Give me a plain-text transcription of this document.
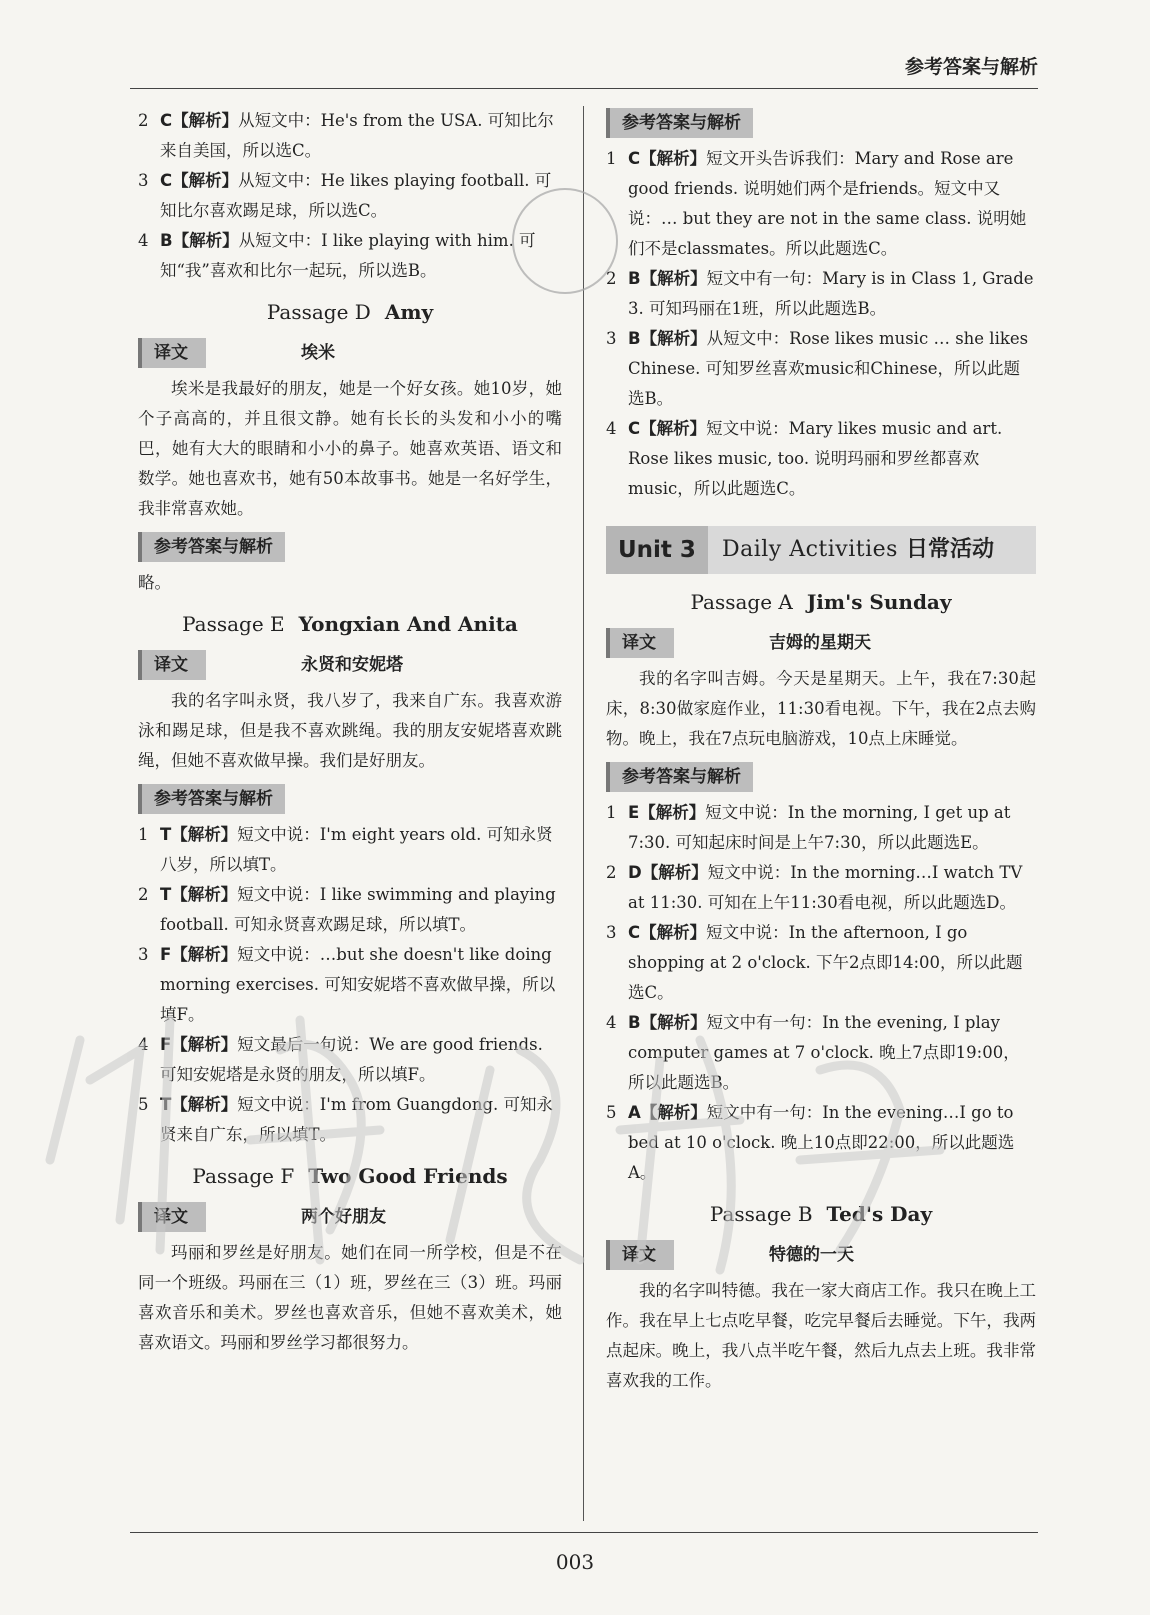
参考答案与解析

2 C【解析】从短文中：He's from the USA. 可知比尔来自美国，所以选C。

3 C【解析】从短文中：He likes playing football. 可知比尔喜欢踢足球，所以选C。

4 B【解析】从短文中：I like playing with him. 可知“我”喜欢和比尔一起玩，所以选B。

Passage D Amy
译文	埃米

埃米是我最好的朋友，她是一个好女孩。她10岁，她个子高高的，并且很文静。她有长长的头发和小小的嘴巴，她有大大的眼睛和小小的鼻子。她喜欢英语、语文和数学。她也喜欢书，她有50本故事书。她是一名好学生，我非常喜欢她。

参考答案与解析

略。

Passage E Yongxian And Anita
译文	永贤和安妮塔

我的名字叫永贤，我八岁了，我来自广东。我喜欢游泳和踢足球，但是我不喜欢跳绳。我的朋友安妮塔喜欢跳绳，但她不喜欢做早操。我们是好朋友。

参考答案与解析

1 T【解析】短文中说：I'm eight years old. 可知永贤八岁，所以填T。

2 T【解析】短文中说：I like swimming and playing football. 可知永贤喜欢踢足球，所以填T。

3 F【解析】短文中说：…but she doesn't like doing morning exercises. 可知安妮塔不喜欢做早操，所以填F。

4 F【解析】短文最后一句说：We are good friends. 可知安妮塔是永贤的朋友，所以填F。

5 T【解析】短文中说：I'm from Guangdong. 可知永贤来自广东，所以填T。

Passage F Two Good Friends
译文	两个好朋友

玛丽和罗丝是好朋友。她们在同一所学校，但是不在同一个班级。玛丽在三（1）班，罗丝在三（3）班。玛丽喜欢音乐和美术。罗丝也喜欢音乐，但她不喜欢美术，她喜欢语文。玛丽和罗丝学习都很努力。

参考答案与解析

1 C【解析】短文开头告诉我们：Mary and Rose are good friends. 说明她们两个是friends。短文中又说：… but they are not in the same class. 说明她们不是classmates。所以此题选C。

2 B【解析】短文中有一句：Mary is in Class 1, Grade 3. 可知玛丽在1班，所以此题选B。

3 B【解析】从短文中：Rose likes music … she likes Chinese. 可知罗丝喜欢music和Chinese，所以此题选B。

4 C【解析】短文中说：Mary likes music and art. Rose likes music, too. 说明玛丽和罗丝都喜欢music，所以此题选C。

Unit 3	Daily Activities 日常活动
Passage A Jim's Sunday
译文	吉姆的星期天

我的名字叫吉姆。今天是星期天。上午，我在7:30起床，8:30做家庭作业，11:30看电视。下午，我在2点去购物。晚上，我在7点玩电脑游戏，10点上床睡觉。

参考答案与解析

1 E【解析】短文中说：In the morning, I get up at 7:30. 可知起床时间是上午7:30，所以此题选E。

2 D【解析】短文中说：In the morning…I watch TV at 11:30. 可知在上午11:30看电视，所以此题选D。

3 C【解析】短文中说：In the afternoon, I go shopping at 2 o'clock. 下午2点即14:00，所以此题选C。

4 B【解析】短文中有一句：In the evening, I play computer games at 7 o'clock. 晚上7点即19:00，所以此题选B。

5 A【解析】短文中有一句：In the evening…I go to bed at 10 o'clock. 晚上10点即22:00，所以此题选A。

Passage B Ted's Day
译文	特德的一天

我的名字叫特德。我在一家大商店工作。我只在晚上工作。我在早上七点吃早餐，吃完早餐后去睡觉。下午，我两点起床。晚上，我八点半吃午餐，然后九点去上班。我非常喜欢我的工作。

003
